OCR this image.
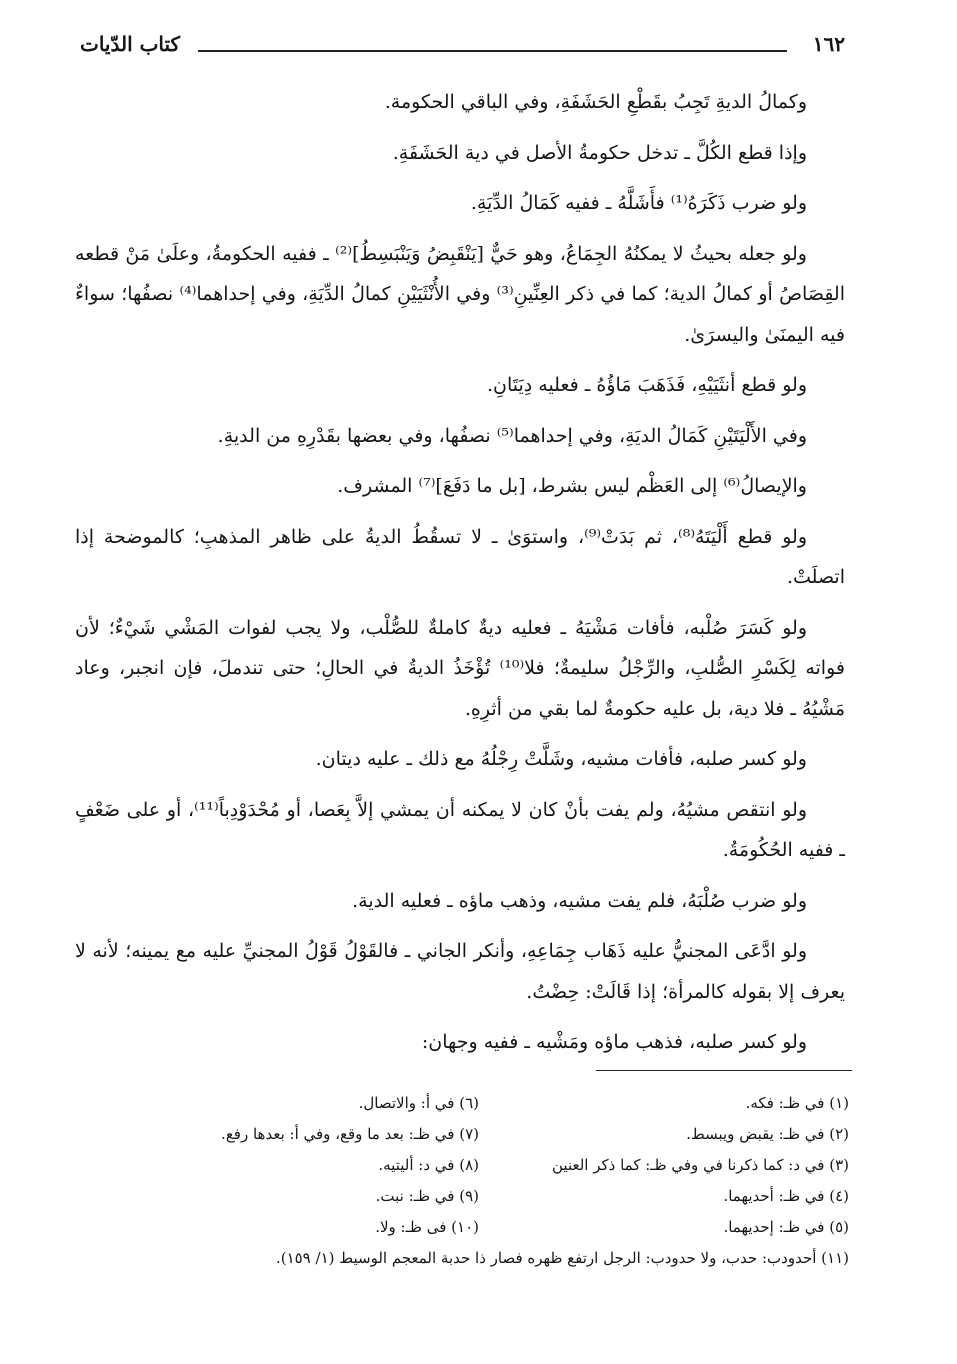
١٦٢
كتاب الدّيات

وكمالُ الديةِ تَجِبُ بقَطْعِ الحَشَفَةِ، وفي الباقي الحكومة.

وإذا قطع الكُلَّ ـ تدخل حكومةُ الأصل في دية الحَشَفَةِ.

ولو ضرب ذَكَرَهُ⁽¹⁾ فأَشَلَّهُ ـ ففيه كَمَالُ الدِّيَةِ.

ولو جعله بحيثُ لا يمكنُهُ الجِمَاعُ، وهو حَيٌّ [يَنْقَبِضُ وَيَنْبَسِطُ]⁽²⁾ ـ ففيه الحكومةُ، وعلَىٰ مَنْ قطعه القِصَاصُ أو كمالُ الدية؛ كما في ذكر العِنِّينِ⁽³⁾ وفي الأُنْثَيَيْنِ كمالُ الدِّيَةِ، وفي إحداهما⁽⁴⁾ نصفُها؛ سواءٌ فيه اليمنَىٰ واليسرَىٰ.

ولو قطع أنثَيَيْهِ، فَذَهَبَ مَاؤُهُ ـ فعليه دِيَتَانِ.

وفي الأَلْيَتَيْنِ كَمَالُ الديَةِ، وفي إحداهما⁽⁵⁾ نصفُها، وفي بعضها بقَدْرِهِ من الديةِ.

والإيصالُ⁽⁶⁾ إلى العَظْم ليس بشرط، [بل ما دَفَعَ]⁽⁷⁾ المشرف.

ولو قطع أَلْيَتَهُ⁽⁸⁾، ثم بَدَتْ⁽⁹⁾، واستوَىٰ ـ لا تسقُطُ الديةُ على ظاهر المذهبِ؛ كالموضحة إذا اتصلَتْ.

ولو كَسَرَ صُلْبه، فأفات مَشْيَهُ ـ فعليه ديةٌ كاملةٌ للصُّلْب، ولا يجب لفوات المَشْي شَيْءٌ؛ لأن فواته لِكَسْرِ الصُّلبِ، والرِّجْلُ سليمةٌ؛ فلا⁽¹⁰⁾ تُؤْخَذُ الديةُ في الحالِ؛ حتى تندملَ، فإن انجبر، وعاد مَشْيُهُ ـ فلا دية، بل عليه حكومةٌ لما بقي من أثرِهِ.

ولو كسر صلبه، فأفات مشيه، وشَلَّتْ رِجْلُهُ مع ذلك ـ عليه ديتان.

ولو انتقص مشيُهُ، ولم يفت بأنْ كان لا يمكنه أن يمشي إلاَّ بِعَصا، أو مُحْدَوْدِباً⁽¹¹⁾، أو على ضَعْفٍ ـ ففيه الحُكُومَةُ.

ولو ضرب صُلْبَهُ، فلم يفت مشيه، وذهب ماؤه ـ فعليه الدية.

ولو ادَّعَى المجنيُّ عليه ذَهَاب جِمَاعِهِ، وأنكر الجاني ـ فالقَوْلُ قَوْلُ المجنيِّ عليه مع يمينه؛ لأنه لا يعرف إلا بقوله كالمرأة؛ إذا قَالَتْ: حِضْتُ.

ولو كسر صلبه، فذهب ماؤه ومَشْيه ـ ففيه وجهان:

(١) في ظـ: فكه.
(٦) في أ: والاتصال.
(٢) في ظـ: يقبض ويبسط.
(٧) في ظـ: بعد ما وقع، وفي أ: بعدها رفع.
(٣) في د: كما ذكرنا في وفي ظـ: كما ذكر العنين
(٨) في د: أليتيه.
(٤) في ظـ: أحديهما.
(٩) في ظـ: نبت.
(٥) في ظـ: إحديهما.
(١٠) فى ظـ: ولا.
(١١) أحدودب: حدب، ولا حدودب: الرجل ارتفع ظهره فصار ذا حدبة المعجم الوسيط (١/ ١٥٩).
